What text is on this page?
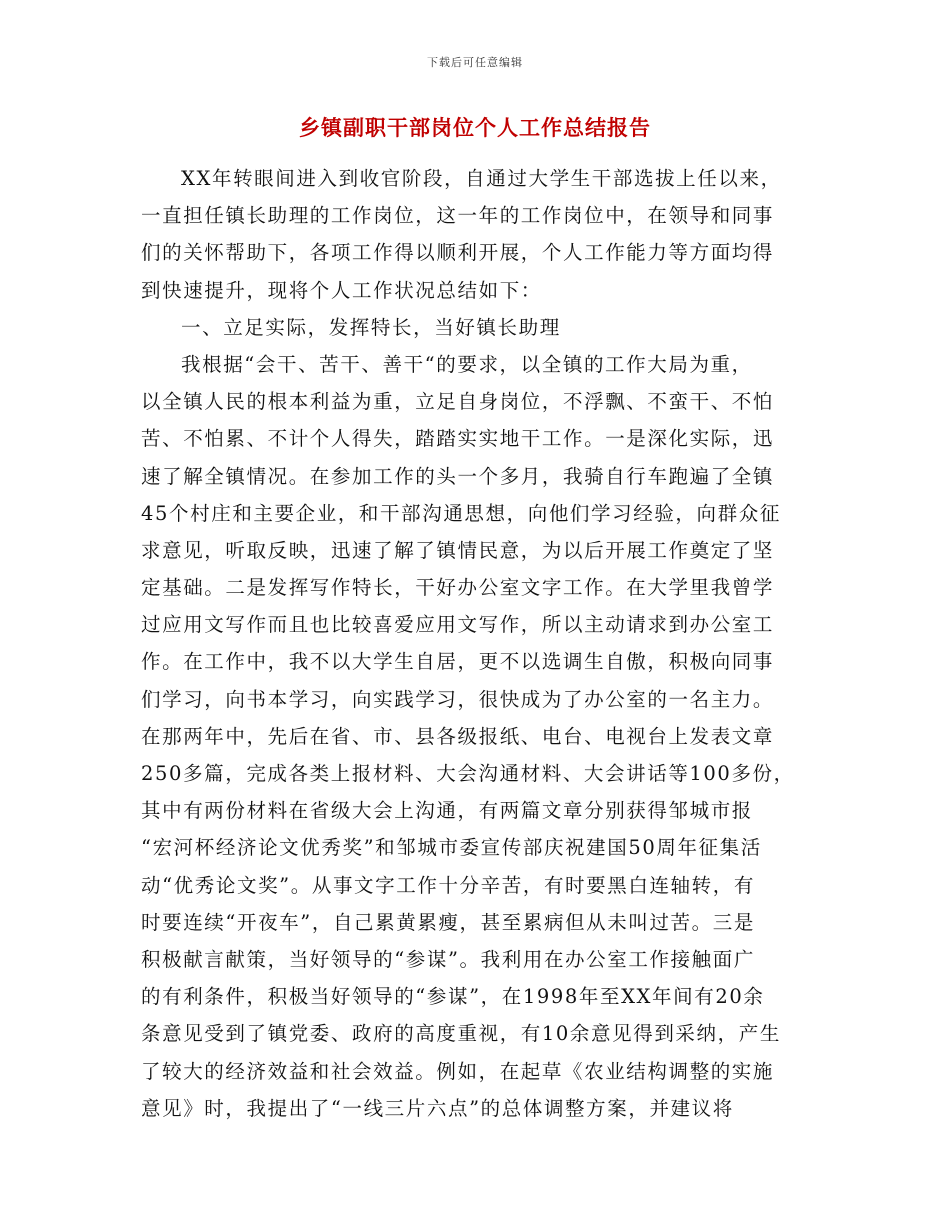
下载后可任意编辑
乡镇副职干部岗位个人工作总结报告
XX年转眼间进入到收官阶段，自通过大学生干部选拔上任以来，
一直担任镇长助理的工作岗位，这一年的工作岗位中，在领导和同事
们的关怀帮助下，各项工作得以顺利开展，个人工作能力等方面均得
到快速提升，现将个人工作状况总结如下：
一、立足实际，发挥特长，当好镇长助理
我根据“会干、苦干、善干“的要求，以全镇的工作大局为重，
以全镇人民的根本利益为重，立足自身岗位，不浮飘、不蛮干、不怕
苦、不怕累、不计个人得失，踏踏实实地干工作。一是深化实际，迅
速了解全镇情况。在参加工作的头一个多月，我骑自行车跑遍了全镇
45个村庄和主要企业，和干部沟通思想，向他们学习经验，向群众征
求意见，听取反映，迅速了解了镇情民意，为以后开展工作奠定了坚
定基础。二是发挥写作特长，干好办公室文字工作。在大学里我曾学
过应用文写作而且也比较喜爱应用文写作，所以主动请求到办公室工
作。在工作中，我不以大学生自居，更不以选调生自傲，积极向同事
们学习，向书本学习，向实践学习，很快成为了办公室的一名主力。
在那两年中，先后在省、市、县各级报纸、电台、电视台上发表文章
250多篇，完成各类上报材料、大会沟通材料、大会讲话等100多份，
其中有两份材料在省级大会上沟通，有两篇文章分别获得邹城市报
“宏河杯经济论文优秀奖”和邹城市委宣传部庆祝建国50周年征集活
动“优秀论文奖”。从事文字工作十分辛苦，有时要黑白连轴转，有
时要连续“开夜车”，自己累黄累瘦，甚至累病但从未叫过苦。三是
积极献言献策，当好领导的“参谋”。我利用在办公室工作接触面广
的有利条件，积极当好领导的“参谋”，在1998年至XX年间有20余
条意见受到了镇党委、政府的高度重视，有10余意见得到采纳，产生
了较大的经济效益和社会效益。例如，在起草《农业结构调整的实施
意见》时，我提出了“一线三片六点”的总体调整方案，并建议将
